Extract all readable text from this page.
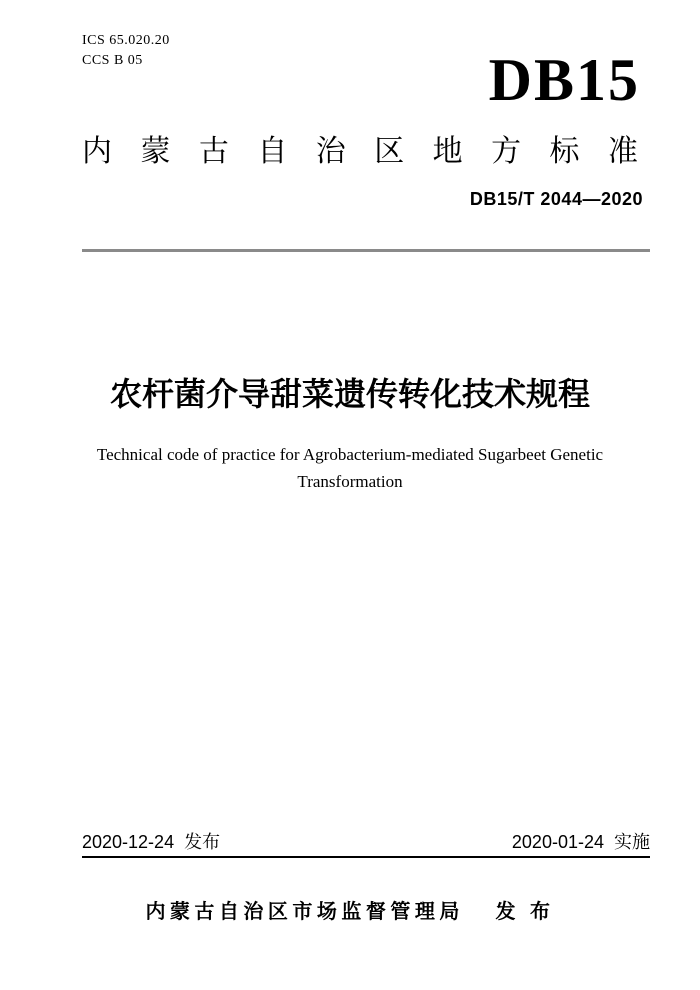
ICS 65.020.20
CCS B 05	DB15
内蒙古自治区地方标准
DB15/T 2044—2020
农杆菌介导甜菜遗传转化技术规程
Technical code of practice for Agrobacterium-mediated Sugarbeet Genetic
Transformation
2020-12-24 发布	2020-01-24 实施
内蒙古自治区市场监督管理局 发 布
